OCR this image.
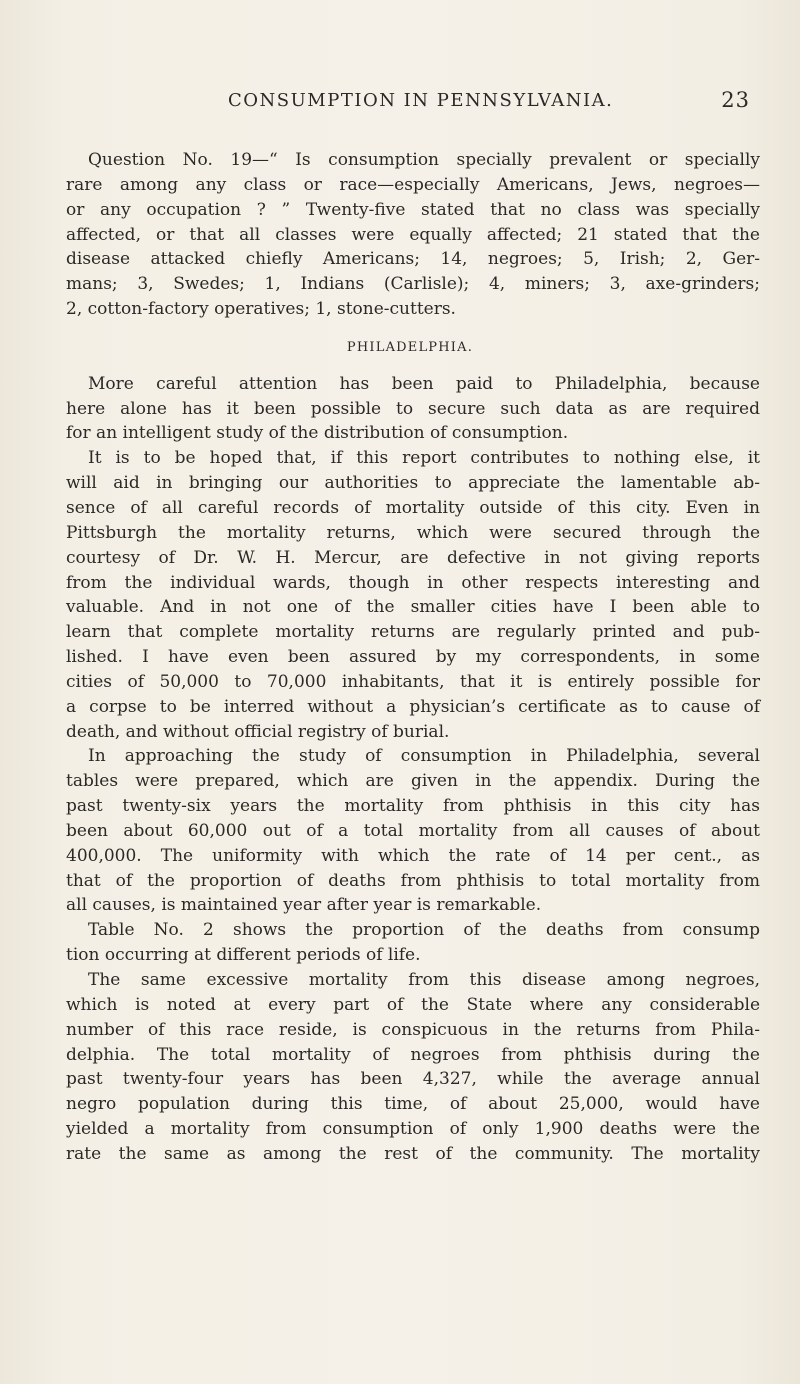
CONSUMPTION IN PENNSYLVANIA.	23
Question No. 19—“ Is consumption specially prevalent or specially
rare among any class or race—especially Americans, Jews, negroes—
or any occupation ? ” Twenty-five stated that no class was specially
affected, or that all classes were equally affected; 21 stated that the
disease attacked chiefly Americans; 14, negroes; 5, Irish; 2, Ger-
mans; 3, Swedes; 1, Indians (Carlisle); 4, miners; 3, axe-grinders;
2, cotton-factory operatives; 1, stone-cutters.
PHILADELPHIA.
More careful attention has been paid to Philadelphia, because
here alone has it been possible to secure such data as are required
for an intelligent study of the distribution of consumption.
It is to be hoped that, if this report contributes to nothing else, it
will aid in bringing our authorities to appreciate the lamentable ab-
sence of all careful records of mortality outside of this city. Even in
Pittsburgh the mortality returns, which were secured through the
courtesy of Dr. W. H. Mercur, are defective in not giving reports
from the individual wards, though in other respects interesting and
valuable. And in not one of the smaller cities have I been able to
learn that complete mortality returns are regularly printed and pub-
lished. I have even been assured by my correspondents, in some
cities of 50,000 to 70,000 inhabitants, that it is entirely possible for
a corpse to be interred without a physician’s certificate as to cause of
death, and without official registry of burial.
In approaching the study of consumption in Philadelphia, several
tables were prepared, which are given in the appendix. During the
past twenty-six years the mortality from phthisis in this city has
been about 60,000 out of a total mortality from all causes of about
400,000. The uniformity with which the rate of 14 per cent., as
that of the proportion of deaths from phthisis to total mortality from
all causes, is maintained year after year is remarkable.
Table No. 2 shows the proportion of the deaths from consump
tion occurring at different periods of life.
The same excessive mortality from this disease among negroes,
which is noted at every part of the State where any considerable
number of this race reside, is conspicuous in the returns from Phila-
delphia. The total mortality of negroes from phthisis during the
past twenty-four years has been 4,327, while the average annual
negro population during this time, of about 25,000, would have
yielded a mortality from consumption of only 1,900 deaths were the
rate the same as among the rest of the community. The mortality
